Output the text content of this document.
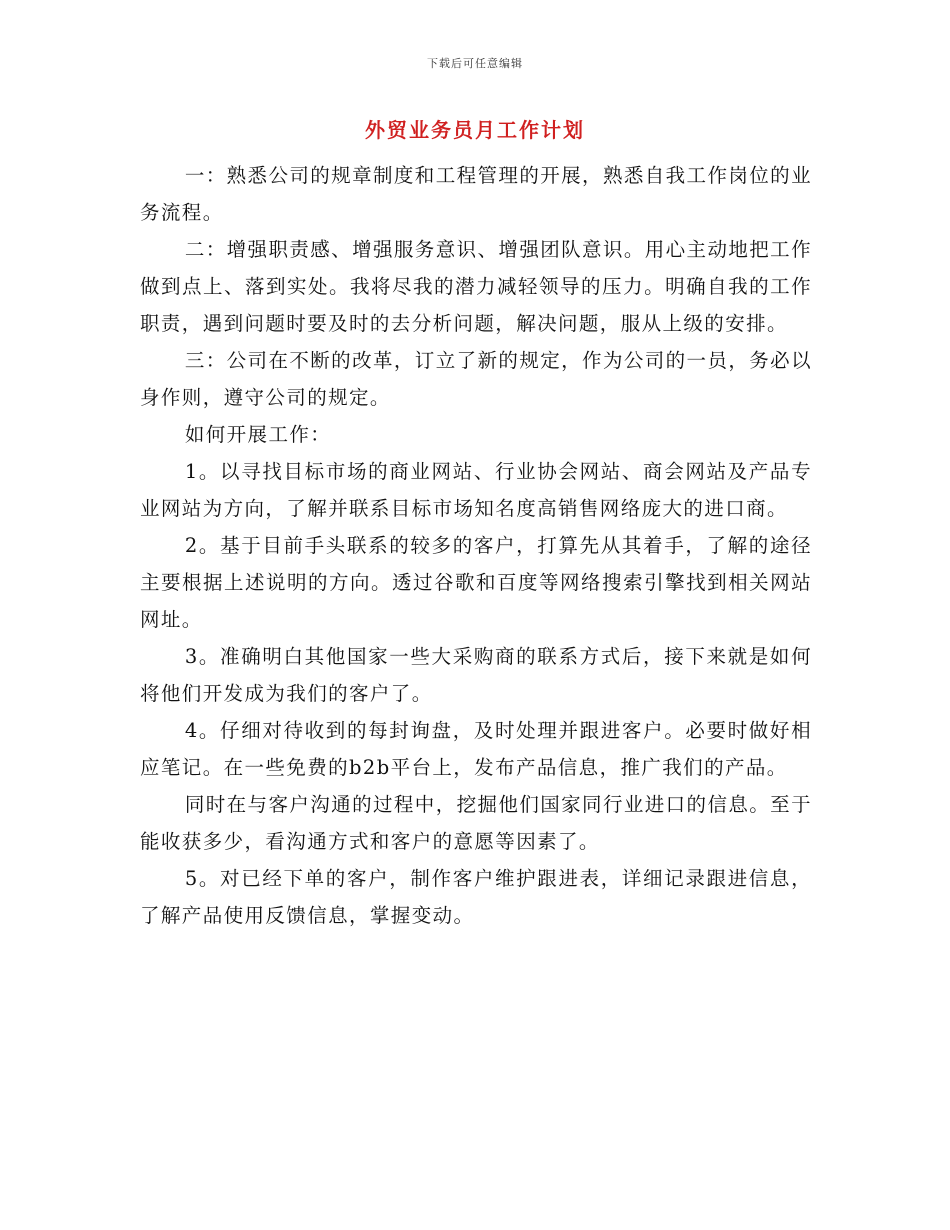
下载后可任意编辑
外贸业务员月工作计划

一：熟悉公司的规章制度和工程管理的开展，熟悉自我工作岗位的业务流程。

二：增强职责感、增强服务意识、增强团队意识。用心主动地把工作做到点上、落到实处。我将尽我的潜力减轻领导的压力。明确自我的工作职责，遇到问题时要及时的去分析问题，解决问题，服从上级的安排。

三：公司在不断的改革，订立了新的规定，作为公司的一员，务必以身作则，遵守公司的规定。

如何开展工作：

1。以寻找目标市场的商业网站、行业协会网站、商会网站及产品专业网站为方向，了解并联系目标市场知名度高销售网络庞大的进口商。

2。基于目前手头联系的较多的客户，打算先从其着手，了解的途径主要根据上述说明的方向。透过谷歌和百度等网络搜索引擎找到相关网站网址。

3。准确明白其他国家一些大采购商的联系方式后，接下来就是如何将他们开发成为我们的客户了。

4。仔细对待收到的每封询盘，及时处理并跟进客户。必要时做好相应笔记。在一些免费的b2b平台上，发布产品信息，推广我们的产品。

同时在与客户沟通的过程中，挖掘他们国家同行业进口的信息。至于能收获多少，看沟通方式和客户的意愿等因素了。

5。对已经下单的客户，制作客户维护跟进表，详细记录跟进信息，了解产品使用反馈信息，掌握变动。
